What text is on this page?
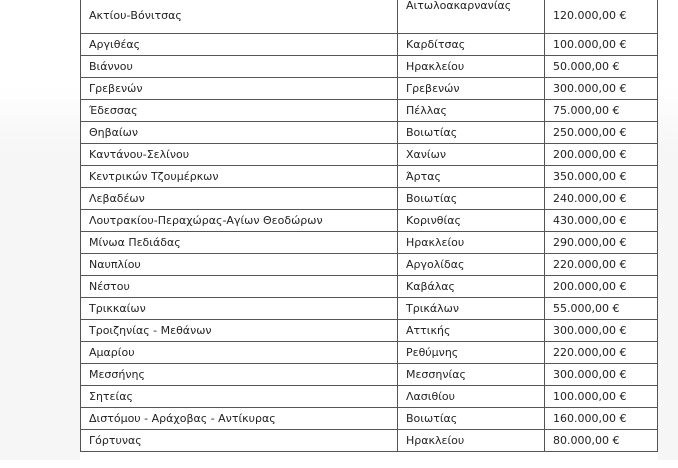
Ακτίου-Βόνιτσας	Αιτωλοακαρνανίας	120.000,00 €
Αργιθέας	Καρδίτσας	100.000,00 €
Βιάννου	Ηρακλείου	50.000,00 €
Γρεβενών	Γρεβενών	300.000,00 €
Έδεσσας	Πέλλας	75.000,00 €
Θηβαίων	Βοιωτίας	250.000,00 €
Καντάνου-Σελίνου	Χανίων	200.000,00 €
Κεντρικών Τζουμέρκων	Άρτας	350.000,00 €
Λεβαδέων	Βοιωτίας	240.000,00 €
Λουτρακίου-Περαχώρας-Αγίων Θεοδώρων	Κορινθίας	430.000,00 €
Μίνωα Πεδιάδας	Ηρακλείου	290.000,00 €
Ναυπλίου	Αργολίδας	220.000,00 €
Νέστου	Καβάλας	200.000,00 €
Τρικκαίων	Τρικάλων	55.000,00 €
Τροιζηνίας - Μεθάνων	Αττικής	300.000,00 €
Αμαρίου	Ρεθύμνης	220.000,00 €
Μεσσήνης	Μεσσηνίας	300.000,00 €
Σητείας	Λασιθίου	100.000,00 €
Διστόμου - Αράχοβας - Αντίκυρας	Βοιωτίας	160.000,00 €
Γόρτυνας	Ηρακλείου	80.000,00 €
